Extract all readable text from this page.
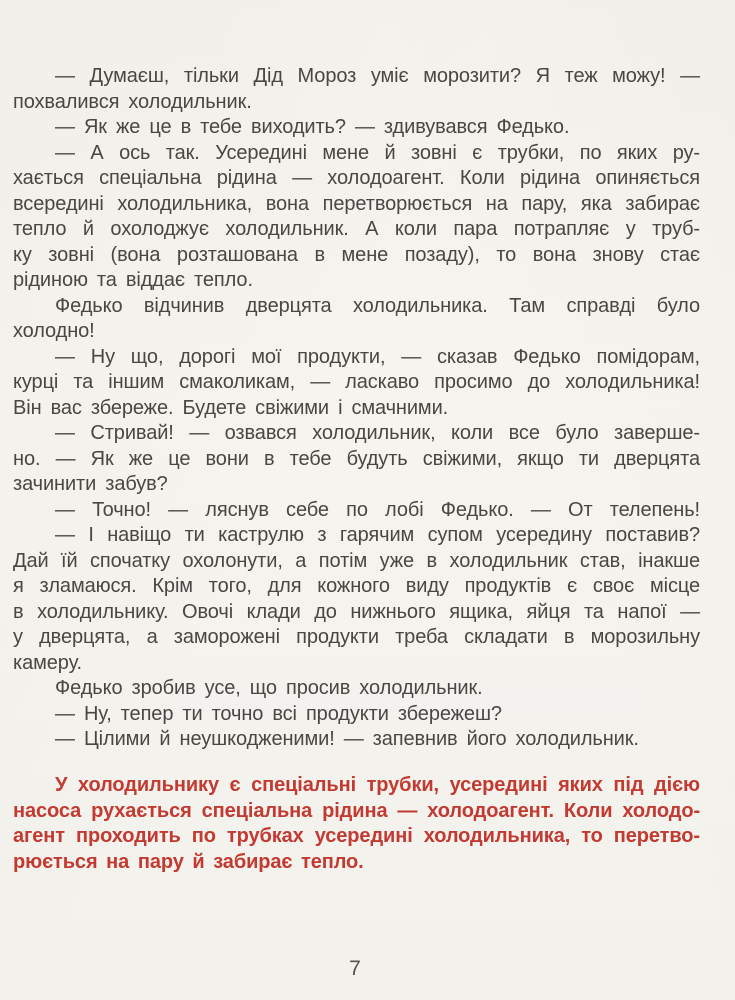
— Думаєш, тільки Дід Мороз уміє морозити? Я теж можу! —
похвалився холодильник.
— Як же це в тебе виходить? — здивувався Федько.
— А ось так. Усередині мене й зовні є трубки, по яких ру-
хається спеціальна рідина — холодоагент. Коли рідина опиняється
всередині холодильника, вона перетворюється на пару, яка забирає
тепло й охолоджує холодильник. А коли пара потрапляє у труб-
ку зовні (вона розташована в мене позаду), то вона знову стає
рідиною та віддає тепло.
Федько відчинив дверцята холодильника. Там справді було
холодно!
— Ну що, дорогі мої продукти, — сказав Федько помідорам,
курці та іншим смаколикам, — ласкаво просимо до холодильника!
Він вас збереже. Будете свіжими і смачними.
— Стривай! — озвався холодильник, коли все було заверше-
но. — Як же це вони в тебе будуть свіжими, якщо ти дверцята
зачинити забув?
— Точно! — ляснув себе по лобі Федько. — От телепень!
— І навіщо ти каструлю з гарячим супом усередину поставив?
Дай їй спочатку охолонути, а потім уже в холодильник став, інакше
я зламаюся. Крім того, для кожного виду продуктів є своє місце
в холодильнику. Овочі клади до нижнього ящика, яйця та напої —
у дверцята, а заморожені продукти треба складати в морозильну
камеру.
Федько зробив усе, що просив холодильник.
— Ну, тепер ти точно всі продукти збережеш?
— Цілими й неушкодженими! — запевнив його холодильник.
У холодильнику є спеціальні трубки, усередині яких під дією
насоса рухається спеціальна рідина — холодоагент. Коли холодо-
агент проходить по трубках усередині холодильника, то перетво-
рюється на пару й забирає тепло.
7
